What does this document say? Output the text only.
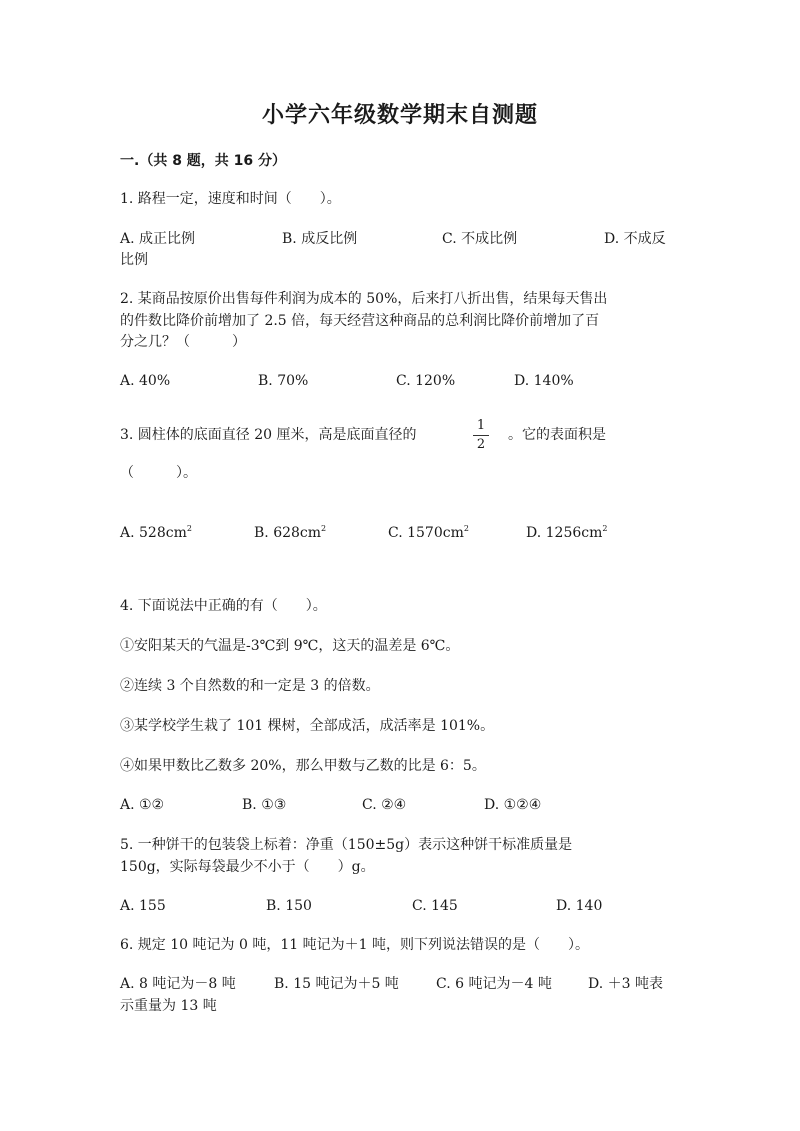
小学六年级数学期末自测题
一.（共 8 题，共 16 分）
1. 路程一定，速度和时间（　　）。
A. 成正比例	B. 成反比例	C. 不成比例	D. 不成反
比例
2. 某商品按原价出售每件利润为成本的 50%，后来打八折出售，结果每天售出
的件数比降价前增加了 2.5 倍，每天经营这种商品的总利润比降价前增加了百
分之几？（　　　）
A. 40%	B. 70%	C. 120%	D. 140%
3. 圆柱体的底面直径 20 厘米，高是底面直径的
1
2
。它的表面积是
（　　　）。
A. $528cm^2$	B. $628cm^2$	C. $1570cm^2$	D. $1256cm^2$
4. 下面说法中正确的有（　　）。
①安阳某天的气温是-3℃到 9℃，这天的温差是 6℃。
②连续 3 个自然数的和一定是 3 的倍数。
③某学校学生栽了 101 棵树，全部成活，成活率是 101%。
④如果甲数比乙数多 20%，那么甲数与乙数的比是 6：5。
A. ①②	B. ①③	C. ②④	D. ①②④
5. 一种饼干的包装袋上标着：净重（150±5g）表示这种饼干标准质量是
150g，实际每袋最少不小于（　　）g。
A. 155	B. 150	C. 145	D. 140
6. 规定 10 吨记为 0 吨，11 吨记为＋1 吨，则下列说法错误的是（　　）。
A. 8 吨记为－8 吨	B. 15 吨记为＋5 吨	C. 6 吨记为－4 吨	D. ＋3 吨表
示重量为 13 吨
